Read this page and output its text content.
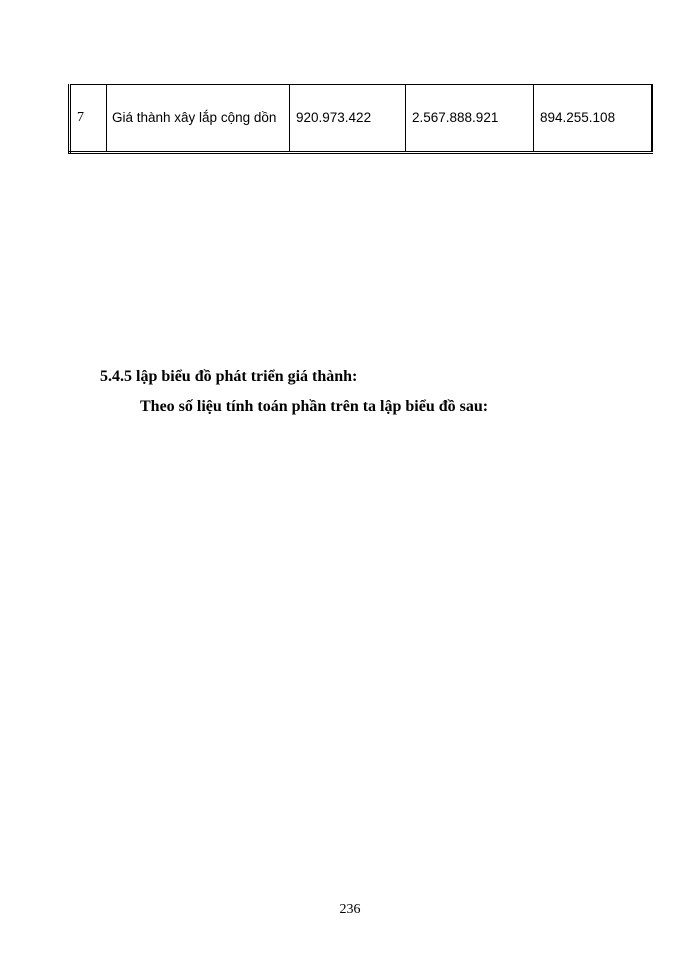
7	Giá thành xây lắp cộng dồn	920.973.422	2.567.888.921	894.255.108

5.4.5 lập biểu đồ phát triển giá thành:

Theo số liệu tính toán phần trên ta lập biểu đồ sau:

236
